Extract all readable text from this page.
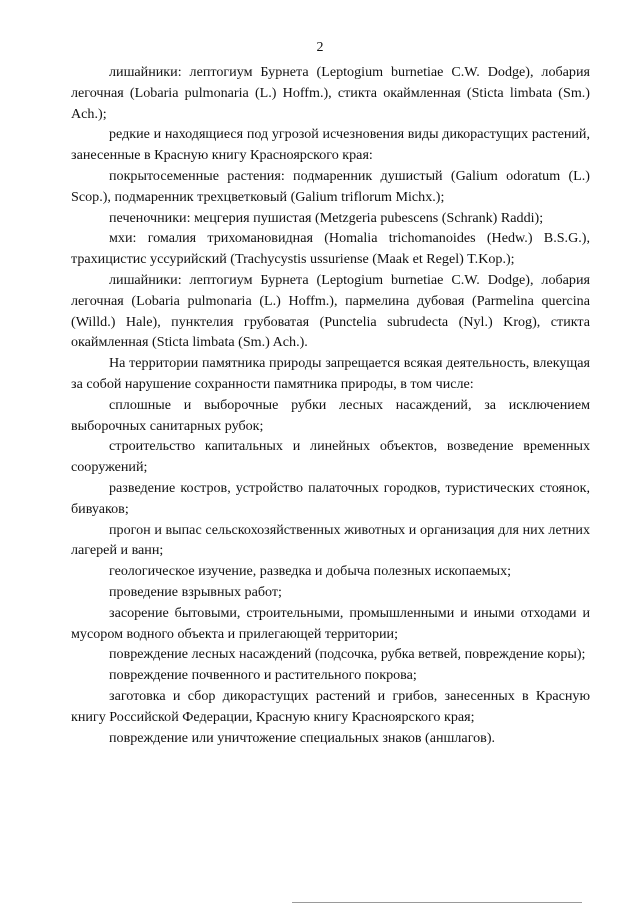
2

лишайники: лептогиум Бурнета (Leptogium burnetiae C.W. Dodge), лобария легочная (Lobaria pulmonaria (L.) Hoffm.), стикта окаймленная (Sticta limbata (Sm.) Ach.);

редкие и находящиеся под угрозой исчезновения виды дикорастущих растений, занесенные в Красную книгу Красноярского края:

покрытосеменные растения: подмаренник душистый (Galium odoratum (L.) Scop.), подмаренник трехцветковый (Galium triflorum Michx.);

печеночники: мецгерия пушистая (Metzgeria pubescens (Schrank) Raddi);

мхи: гомалия трихомановидная (Homalia trichomanoides (Hedw.) B.S.G.), трахицистис уссурийский (Trachycystis ussuriense (Maak et Regel) T.Kop.);

лишайники: лептогиум Бурнета (Leptogium burnetiae C.W. Dodge), лобария легочная (Lobaria pulmonaria (L.) Hoffm.), пармелина дубовая (Parmelina quercina (Willd.) Hale), пунктелия грубоватая (Punctelia subrudecta (Nyl.) Krog), стикта окаймленная (Sticta limbata (Sm.) Ach.).

На территории памятника природы запрещается всякая деятельность, влекущая за собой нарушение сохранности памятника природы, в том числе:

сплошные и выборочные рубки лесных насаждений, за исключением выборочных санитарных рубок;

строительство капитальных и линейных объектов, возведение временных сооружений;

разведение костров, устройство палаточных городков, туристических стоянок, бивуаков;

прогон и выпас сельскохозяйственных животных и организация для них летних лагерей и ванн;

геологическое изучение, разведка и добыча полезных ископаемых;

проведение взрывных работ;

засорение бытовыми, строительными, промышленными и иными отходами и мусором водного объекта и прилегающей территории;

повреждение лесных насаждений (подсочка, рубка ветвей, повреждение коры);

повреждение почвенного и растительного покрова;

заготовка и сбор дикорастущих растений и грибов, занесенных в Красную книгу Российской Федерации, Красную книгу Красноярского края;

повреждение или уничтожение специальных знаков (аншлагов).
